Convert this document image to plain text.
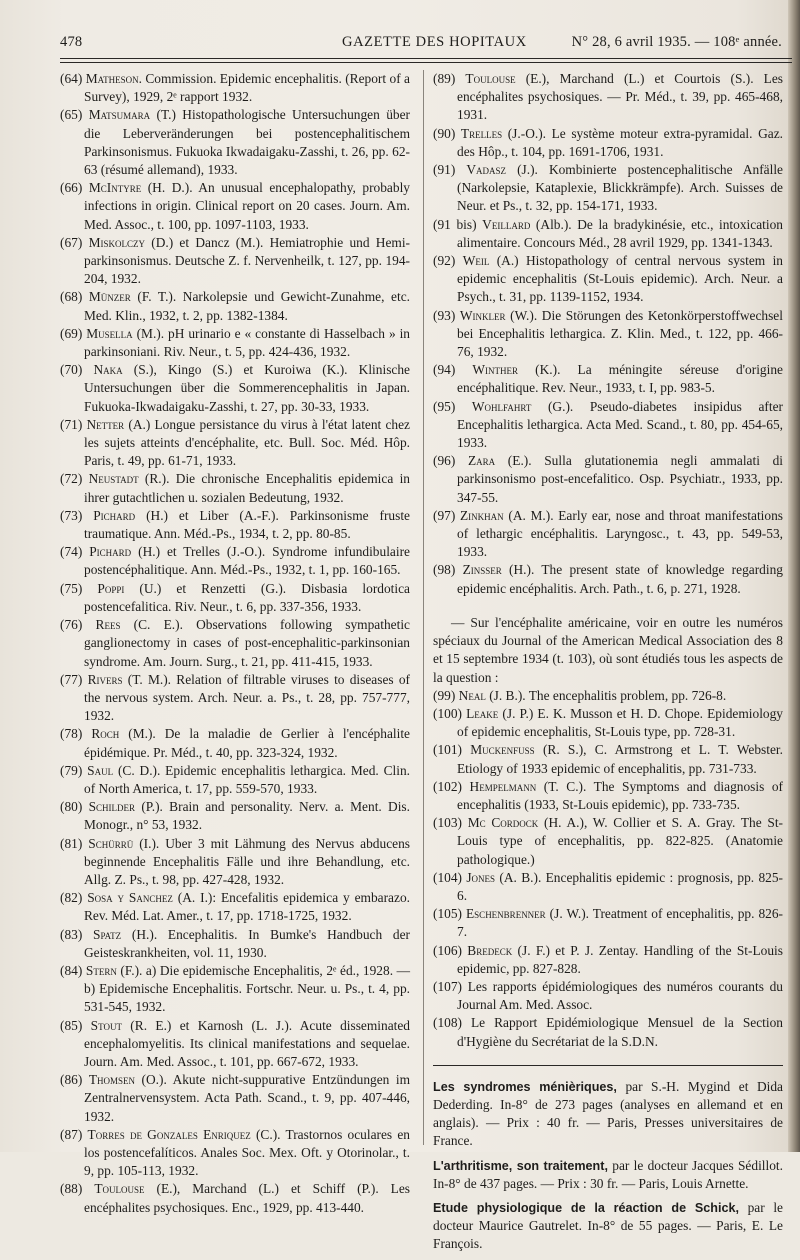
478	GAZETTE DES HOPITAUX	N° 28, 6 avril 1935. — 108ᵉ année.

(64) Matheson. Commission. Epidemic encephalitis. (Report of a Survey), 1929, 2ᵉ rapport 1932.

(65) Matsumara (T.) Histopathologische Untersuchungen über die Leberveränderungen bei postencephalitischem Parkinsonismus. Fukuoka Ikwadaigaku-Zasshi, t. 26, pp. 62-63 (résumé allemand), 1933.

(66) McIntyre (H. D.). An unusual encephalopathy, probably infections in origin. Clinical report on 20 cases. Journ. Am. Med. Assoc., t. 100, pp. 1097-1103, 1933.

(67) Miskolczy (D.) et Dancz (M.). Hemiatrophie und Hemi-parkinsonismus. Deutsche Z. f. Nervenheilk, t. 127, pp. 194-204, 1932.

(68) Münzer (F. T.). Narkolepsie und Gewicht-Zunahme, etc. Med. Klin., 1932, t. 2, pp. 1382-1384.

(69) Musella (M.). pH urinario e « constante di Hasselbach » in parkinsoniani. Riv. Neur., t. 5, pp. 424-436, 1932.

(70) Naka (S.), Kingo (S.) et Kuroiwa (K.). Klinische Untersuchungen über die Sommerencephalitis in Japan. Fukuoka-Ikwadaigaku-Zasshi, t. 27, pp. 30-33, 1933.

(71) Netter (A.) Longue persistance du virus à l'état latent chez les sujets atteints d'encéphalite, etc. Bull. Soc. Méd. Hôp. Paris, t. 49, pp. 61-71, 1933.

(72) Neustadt (R.). Die chronische Encephalitis epidemica in ihrer gutachtlichen u. sozialen Bedeutung, 1932.

(73) Pichard (H.) et Liber (A.-F.). Parkinsonisme fruste traumatique. Ann. Méd.-Ps., 1934, t. 2, pp. 80-85.

(74) Pichard (H.) et Trelles (J.-O.). Syndrome infundibulaire postencéphalitique. Ann. Méd.-Ps., 1932, t. 1, pp. 160-165.

(75) Poppi (U.) et Renzetti (G.). Disbasia lordotica postencefalitica. Riv. Neur., t. 6, pp. 337-356, 1933.

(76) Rees (C. E.). Observations following sympathetic ganglionectomy in cases of post-encephalitic-parkinsonian syndrome. Am. Journ. Surg., t. 21, pp. 411-415, 1933.

(77) Rivers (T. M.). Relation of filtrable viruses to diseases of the nervous system. Arch. Neur. a. Ps., t. 28, pp. 757-777, 1932.

(78) Roch (M.). De la maladie de Gerlier à l'encéphalite épidémique. Pr. Méd., t. 40, pp. 323-324, 1932.

(79) Saul (C. D.). Epidemic encephalitis lethargica. Med. Clin. of North America, t. 17, pp. 559-570, 1933.

(80) Schilder (P.). Brain and personality. Nerv. a. Ment. Dis. Monogr., n° 53, 1932.

(81) Schürrü (I.). Uber 3 mit Lähmung des Nervus abducens beginnende Encephalitis Fälle und ihre Behandlung, etc. Allg. Z. Ps., t. 98, pp. 427-428, 1932.

(82) Sosa y Sanchez (A. I.): Encefalitis epidemica y embarazo. Rev. Méd. Lat. Amer., t. 17, pp. 1718-1725, 1932.

(83) Spatz (H.). Encephalitis. In Bumke's Handbuch der Geisteskrankheiten, vol. 11, 1930.

(84) Stern (F.). a) Die epidemische Encephalitis, 2ᵉ éd., 1928. — b) Epidemische Encephalitis. Fortschr. Neur. u. Ps., t. 4, pp. 531-545, 1932.

(85) Stout (R. E.) et Karnosh (L. J.). Acute disseminated encephalomyelitis. Its clinical manifestations and sequelae. Journ. Am. Med. Assoc., t. 101, pp. 667-672, 1933.

(86) Thomsen (O.). Akute nicht-suppurative Entzündungen im Zentralnervensystem. Acta Path. Scand., t. 9, pp. 407-446, 1932.

(87) Torres de Gonzales Enriquez (C.). Trastornos oculares en los postencefalíticos. Anales Soc. Mex. Oft. y Otorinolar., t. 9, pp. 105-113, 1932.

(88) Toulouse (E.), Marchand (L.) et Schiff (P.). Les encéphalites psychosiques. Enc., 1929, pp. 413-440.

(89) Toulouse (E.), Marchand (L.) et Courtois (S.). Les encéphalites psychosiques. — Pr. Méd., t. 39, pp. 465-468, 1931.

(90) Trelles (J.-O.). Le système moteur extra-pyramidal. Gaz. des Hôp., t. 104, pp. 1691-1706, 1931.

(91) Vadasz (J.). Kombinierte postencephalitische Anfälle (Narkolepsie, Kataplexie, Blickkrämpfe). Arch. Suisses de Neur. et Ps., t. 32, pp. 154-171, 1933.

(91 bis) Veillard (Alb.). De la bradykinésie, etc., intoxication alimentaire. Concours Méd., 28 avril 1929, pp. 1341-1343.

(92) Weil (A.) Histopathology of central nervous system in epidemic encephalitis (St-Louis epidemic). Arch. Neur. a Psych., t. 31, pp. 1139-1152, 1934.

(93) Winkler (W.). Die Störungen des Ketonkörperstoffwechsel bei Encephalitis lethargica. Z. Klin. Med., t. 122, pp. 466-76, 1932.

(94) Winther (K.). La méningite séreuse d'origine encéphalitique. Rev. Neur., 1933, t. I, pp. 983-5.

(95) Wohlfahrt (G.). Pseudo-diabetes insipidus after Encephalitis lethargica. Acta Med. Scand., t. 80, pp. 454-65, 1933.

(96) Zara (E.). Sulla glutationemia negli ammalati di parkinsonismo post-encefalitico. Osp. Psychiatr., 1933, pp. 347-55.

(97) Zinkhan (A. M.). Early ear, nose and throat manifestations of lethargic encéphalitis. Laryngosc., t. 43, pp. 549-53, 1933.

(98) Zinsser (H.). The present state of knowledge regarding epidemic encéphalitis. Arch. Path., t. 6, p. 271, 1928.

— Sur l'encéphalite américaine, voir en outre les numéros spéciaux du Journal of the American Medical Association des 8 et 15 septembre 1934 (t. 103), où sont étudiés tous les aspects de la question :

(99) Neal (J. B.). The encephalitis problem, pp. 726-8.

(100) Leake (J. P.) E. K. Musson et H. D. Chope. Epidemiology of epidemic encephalitis, St-Louis type, pp. 728-31.

(101) Muckenfuss (R. S.), C. Armstrong et L. T. Webster. Etiology of 1933 epidemic of encephalitis, pp. 731-733.

(102) Hempelmann (T. C.). The Symptoms and diagnosis of encephalitis (1933, St-Louis epidemic), pp. 733-735.

(103) Mc Cordock (H. A.), W. Collier et S. A. Gray. The St-Louis type of encephalitis, pp. 822-825. (Anatomie pathologique.)

(104) Jones (A. B.). Encephalitis epidemic : prognosis, pp. 825-6.

(105) Eschenbrenner (J. W.). Treatment of encephalitis, pp. 826-7.

(106) Bredeck (J. F.) et P. J. Zentay. Handling of the St-Louis epidemic, pp. 827-828.

(107) Les rapports épidémiologiques des numéros courants du Journal Am. Med. Assoc.

(108) Le Rapport Epidémiologique Mensuel de la Section d'Hygiène du Secrétariat de la S.D.N.

Les syndromes ménièriques, par S.-H. Mygind et Dida Dederding. In-8° de 273 pages (analyses en allemand et en anglais). — Prix : 40 fr. — Paris, Presses universitaires de France.

L'arthritisme, son traitement, par le docteur Jacques Sédillot. In-8° de 437 pages. — Prix : 30 fr. — Paris, Louis Arnette.

Etude physiologique de la réaction de Schick, par le docteur Maurice Gautrelet. In-8° de 55 pages. — Paris, E. Le François.
